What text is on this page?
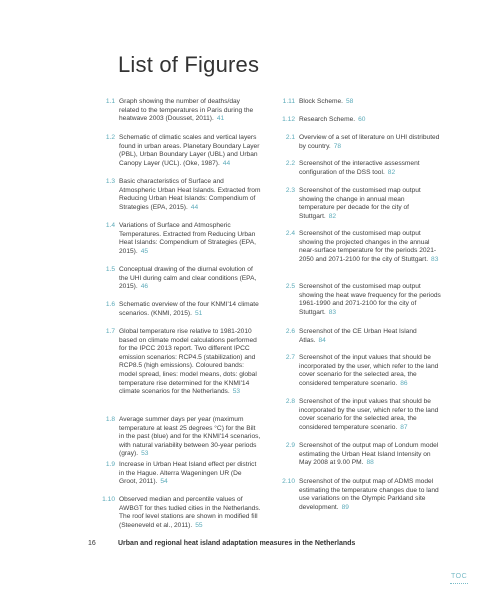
List of Figures
1.1 Graph showing the number of deaths/day related to the temperatures in Paris during the heatwave 2003 (Dousset, 2011). 41
1.2 Schematic of climatic scales and vertical layers found in urban areas. Planetary Boundary Layer (PBL), Urban Boundary Layer (UBL) and Urban Canopy Layer (UCL). (Oke, 1987). 44
1.3 Basic characteristics of Surface and Atmospheric Urban Heat Islands. Extracted from Reducing Urban Heat Islands: Compendium of Strategies (EPA, 2015). 44
1.4 Variations of Surface and Atmospheric Temperatures. Extracted from Reducing Urban Heat Islands: Compendium of Strategies (EPA, 2015). 45
1.5 Conceptual drawing of the diurnal evolution of the UHI during calm and clear conditions (EPA, 2015). 46
1.6 Schematic overview of the four KNMI'14 climate scenarios. (KNMI, 2015). 51
1.7 Global temperature rise relative to 1981-2010 based on climate model calculations performed for the IPCC 2013 report. Two different IPCC emission scenarios: RCP4.5 (stabilization) and RCP8.5 (high emissions). Coloured bands: model spread, lines: model means, dots: global temperature rise determined for the KNMI'14 climate scenarios for the Netherlands. 53
1.8 Average summer days per year (maximum temperature at least 25 degrees °C) for the Bilt in the past (blue) and for the KNMI'14 scenarios, with natural variability between 30-year periods (gray). 53
1.9 Increase in Urban Heat Island effect per district in the Hague. Alterra Wageningen UR (De Groot, 2011). 54
1.10 Observed median and percentile values of AWBGT for thes tudied cities in the Netherlands. The roof level stations are shown in modified fill (Steeneveld et al., 2011). 55
1.11 Block Scheme. 58
1.12 Research Scheme. 60
2.1 Overview of a set of literature on UHI distributed by country. 78
2.2 Screenshot of the interactive assessment configuration of the DSS tool. 82
2.3 Screenshot of the customised map output showing the change in annual mean temperature per decade for the city of Stuttgart. 82
2.4 Screenshot of the customised map output showing the projected changes in the annual near-surface temperature for the periods 2021-2050 and 2071-2100 for the city of Stuttgart. 83
2.5 Screenshot of the customised map output showing the heat wave frequency for the periods 1961-1990 and 2071-2100 for the city of Stuttgart. 83
2.6 Screenshot of the CE Urban Heat Island Atlas. 84
2.7 Screenshot of the input values that should be incorporated by the user, which refer to the land cover scenario for the selected area, the considered temperature scenario. 86
2.8 Screenshot of the input values that should be incorporated by the user, which refer to the land cover scenario for the selected area, the considered temperature scenario. 87
2.9 Screenshot of the output map of Londum model estimating the Urban Heat Island Intensity on May 2008 at 9.00 PM. 88
2.10 Screenshot of the output map of ADMS model estimating the temperature changes due to land use variations on the Olympic Parkland site development. 89
16	Urban and regional heat island adaptation measures in the Netherlands
TOC
